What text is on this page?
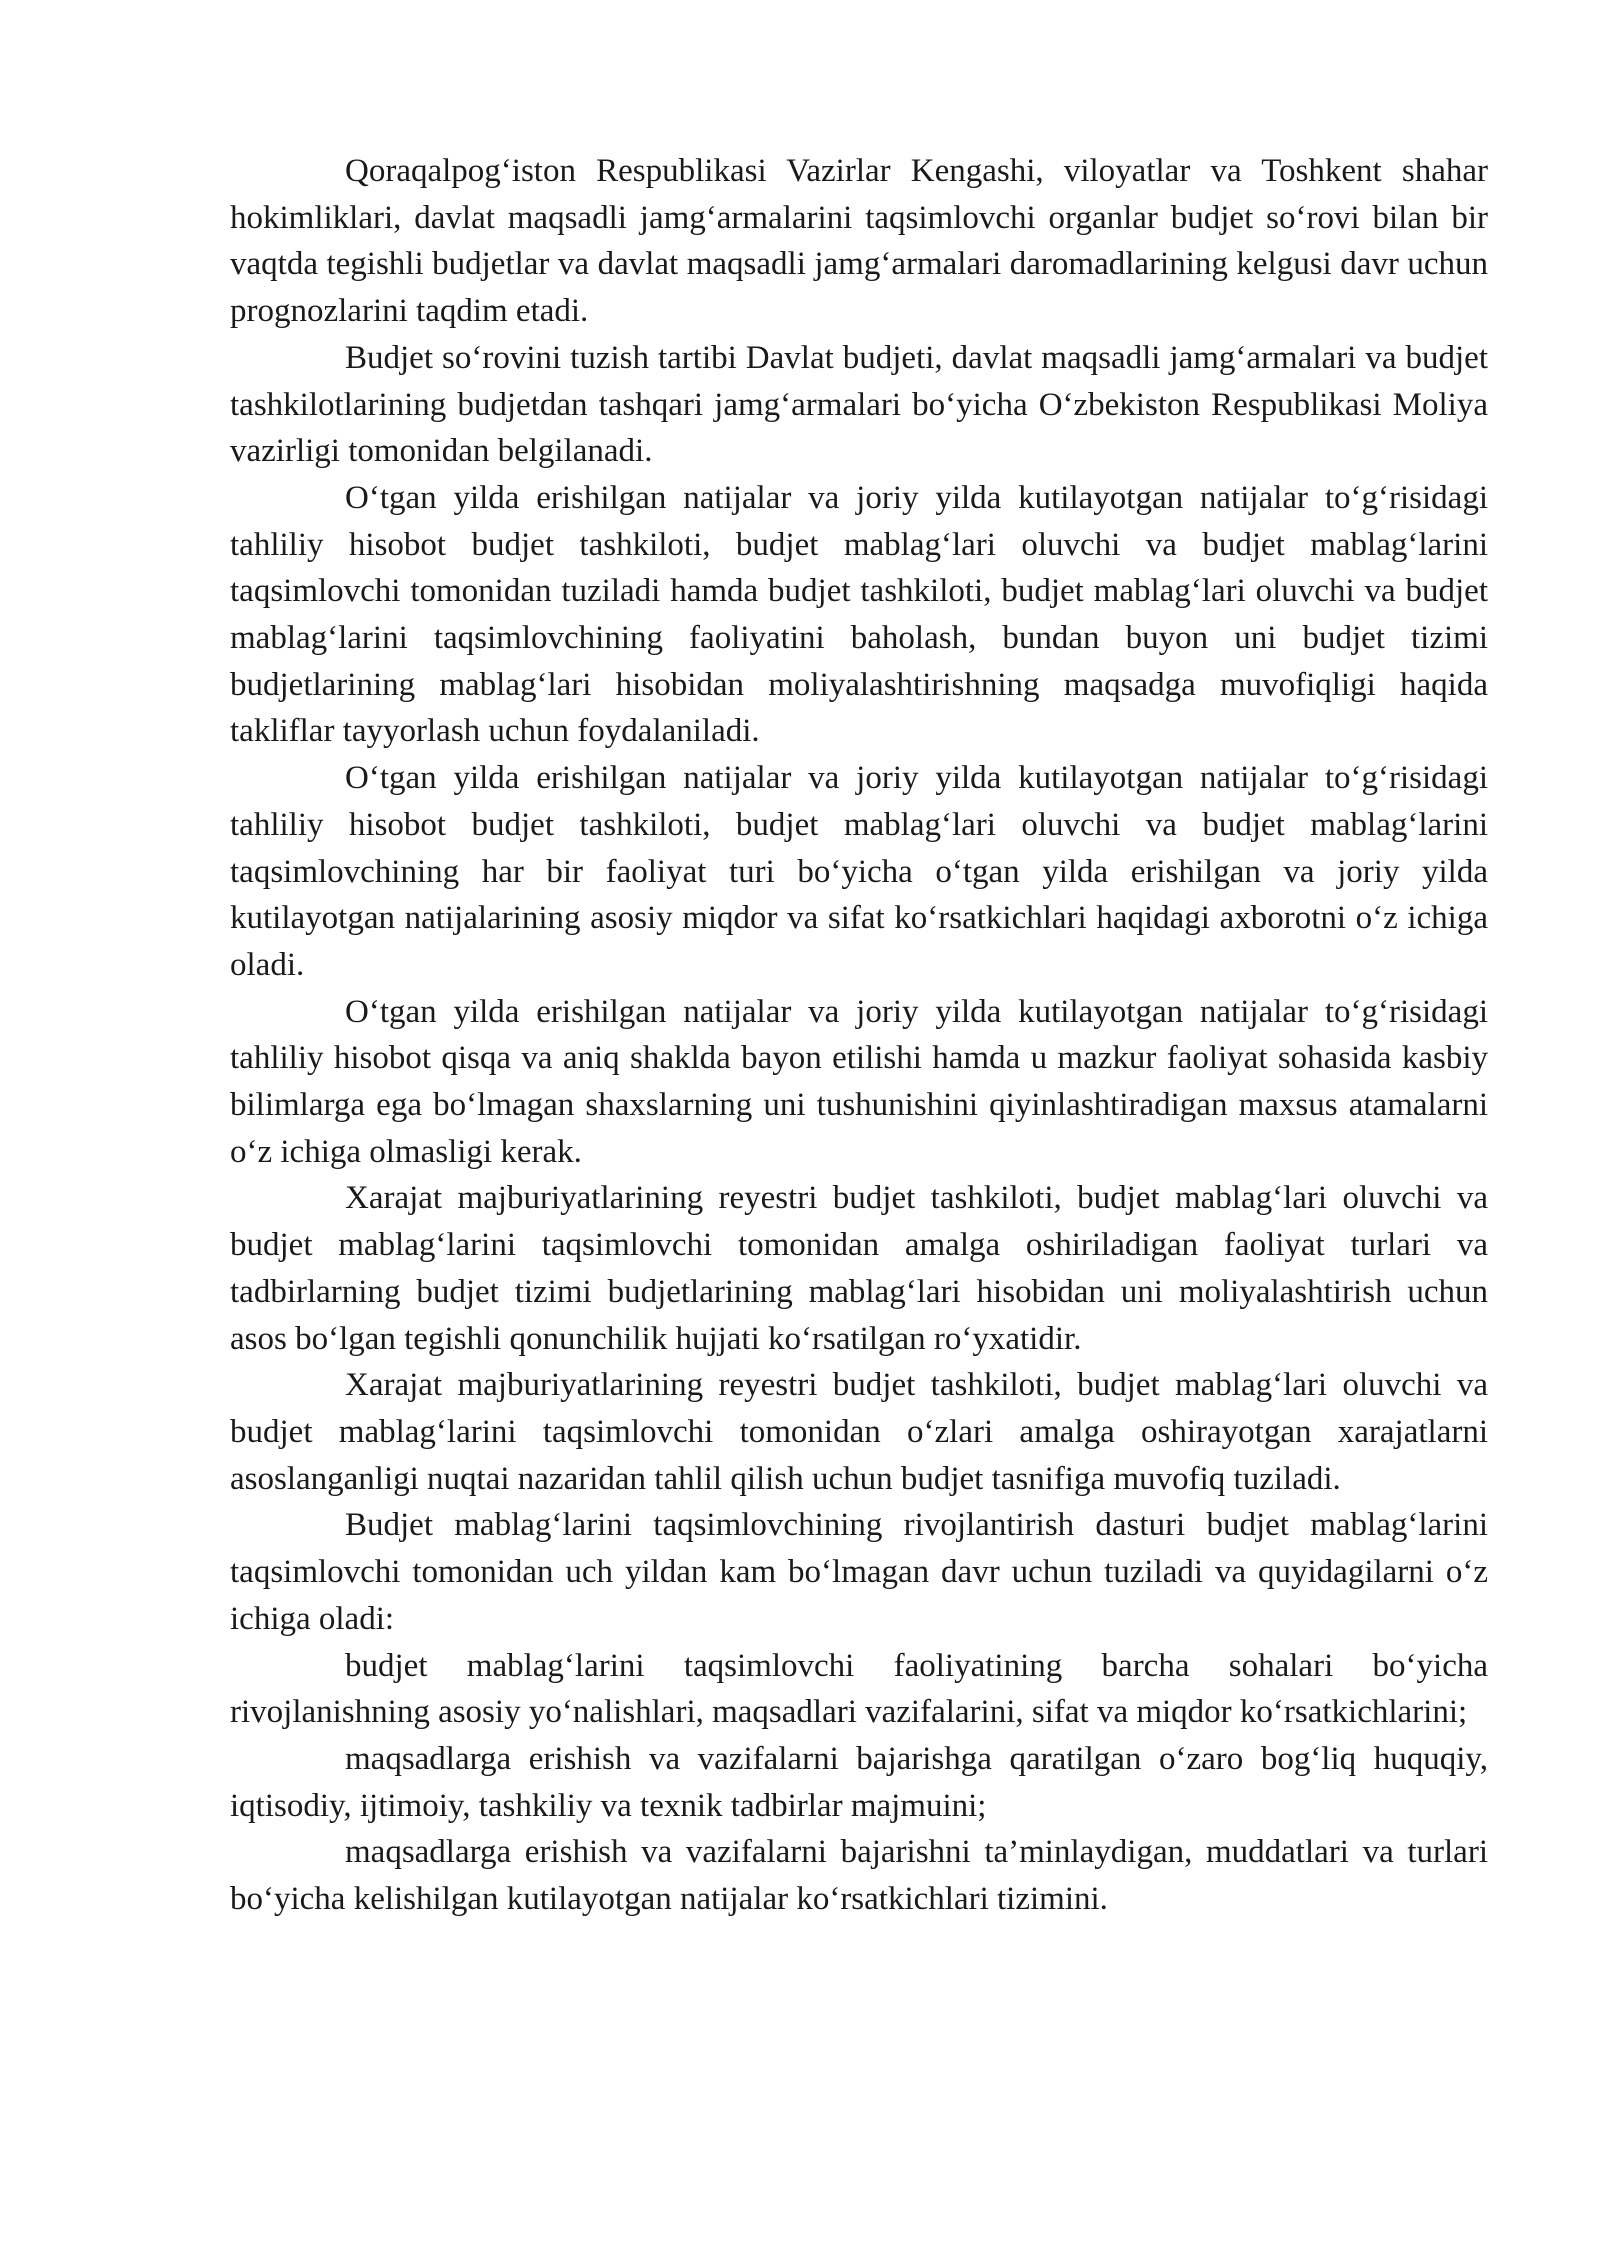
Qoraqalpog‘iston Respublikasi Vazirlar Kengashi, viloyatlar va Toshkent shahar hokimliklari, davlat maqsadli jamg‘armalarini taqsimlovchi organlar budjet so‘rovi bilan bir vaqtda tegishli budjetlar va davlat maqsadli jamg‘armalari daromadlarining kelgusi davr uchun prognozlarini taqdim etadi.

Budjet so‘rovini tuzish tartibi Davlat budjeti, davlat maqsadli jamg‘armalari va budjet tashkilotlarining budjetdan tashqari jamg‘armalari bo‘yicha O‘zbekiston Respublikasi Moliya vazirligi tomonidan belgilanadi.

O‘tgan yilda erishilgan natijalar va joriy yilda kutilayotgan natijalar to‘g‘risidagi tahliliy hisobot budjet tashkiloti, budjet mablag‘lari oluvchi va budjet mablag‘larini taqsimlovchi tomonidan tuziladi hamda budjet tashkiloti, budjet mablag‘lari oluvchi va budjet mablag‘larini taqsimlovchining faoliyatini baholash, bundan buyon uni budjet tizimi budjetlarining mablag‘lari hisobidan moliyalashtirishning maqsadga muvofiqligi haqida takliflar tayyorlash uchun foydalaniladi.

O‘tgan yilda erishilgan natijalar va joriy yilda kutilayotgan natijalar to‘g‘risidagi tahliliy hisobot budjet tashkiloti, budjet mablag‘lari oluvchi va budjet mablag‘larini taqsimlovchining har bir faoliyat turi bo‘yicha o‘tgan yilda erishilgan va joriy yilda kutilayotgan natijalarining asosiy miqdor va sifat ko‘rsatkichlari haqidagi axborotni o‘z ichiga oladi.

O‘tgan yilda erishilgan natijalar va joriy yilda kutilayotgan natijalar to‘g‘risidagi tahliliy hisobot qisqa va aniq shakldа bayon etilishi hamda u mazkur faoliyat sohasida kasbiy bilimlarga ega bo‘lmagan shaxslarning uni tushunishini qiyinlashtiradigan maxsus atamalarni o‘z ichiga olmasligi kerak.

Xarajat majburiyatlarining reyestri budjet tashkiloti, budjet mablag‘lari oluvchi va budjet mablag‘larini taqsimlovchi tomonidan amalga oshiriladigan faoliyat turlari va tadbirlarning budjet tizimi budjetlarining mablag‘lari hisobidan uni moliyalashtirish uchun asos bo‘lgan tegishli qonunchilik hujjati ko‘rsatilgan ro‘yxatidir.

Xarajat majburiyatlarining reyestri budjet tashkiloti, budjet mablag‘lari oluvchi va budjet mablag‘larini taqsimlovchi tomonidan o‘zlari amalga oshirayotgan xarajatlarni asoslanganligi nuqtai nazaridan tahlil qilish uchun budjet tasnifiga muvofiq tuziladi.

Budjet mablag‘larini taqsimlovchining rivojlantirish dasturi budjet mablag‘larini taqsimlovchi tomonidan uch yildan kam bo‘lmagan davr uchun tuziladi va quyidagilarni o‘z ichiga oladi:

budjet mablag‘larini taqsimlovchi faoliyatining barcha sohalari bo‘yicha rivojlanishning asosiy yo‘nalishlari, maqsadlari vazifalarini, sifat va miqdor ko‘rsatkichlarini;

maqsadlarga erishish va vazifalarni bajarishga qaratilgan o‘zaro bog‘liq huquqiy, iqtisodiy, ijtimoiy, tashkiliy va texnik tadbirlar majmuini;

maqsadlarga erishish va vazifalarni bajarishni ta’minlaydigan, muddatlari va turlari bo‘yicha kelishilgan kutilayotgan natijalar ko‘rsatkichlari tizimini.
